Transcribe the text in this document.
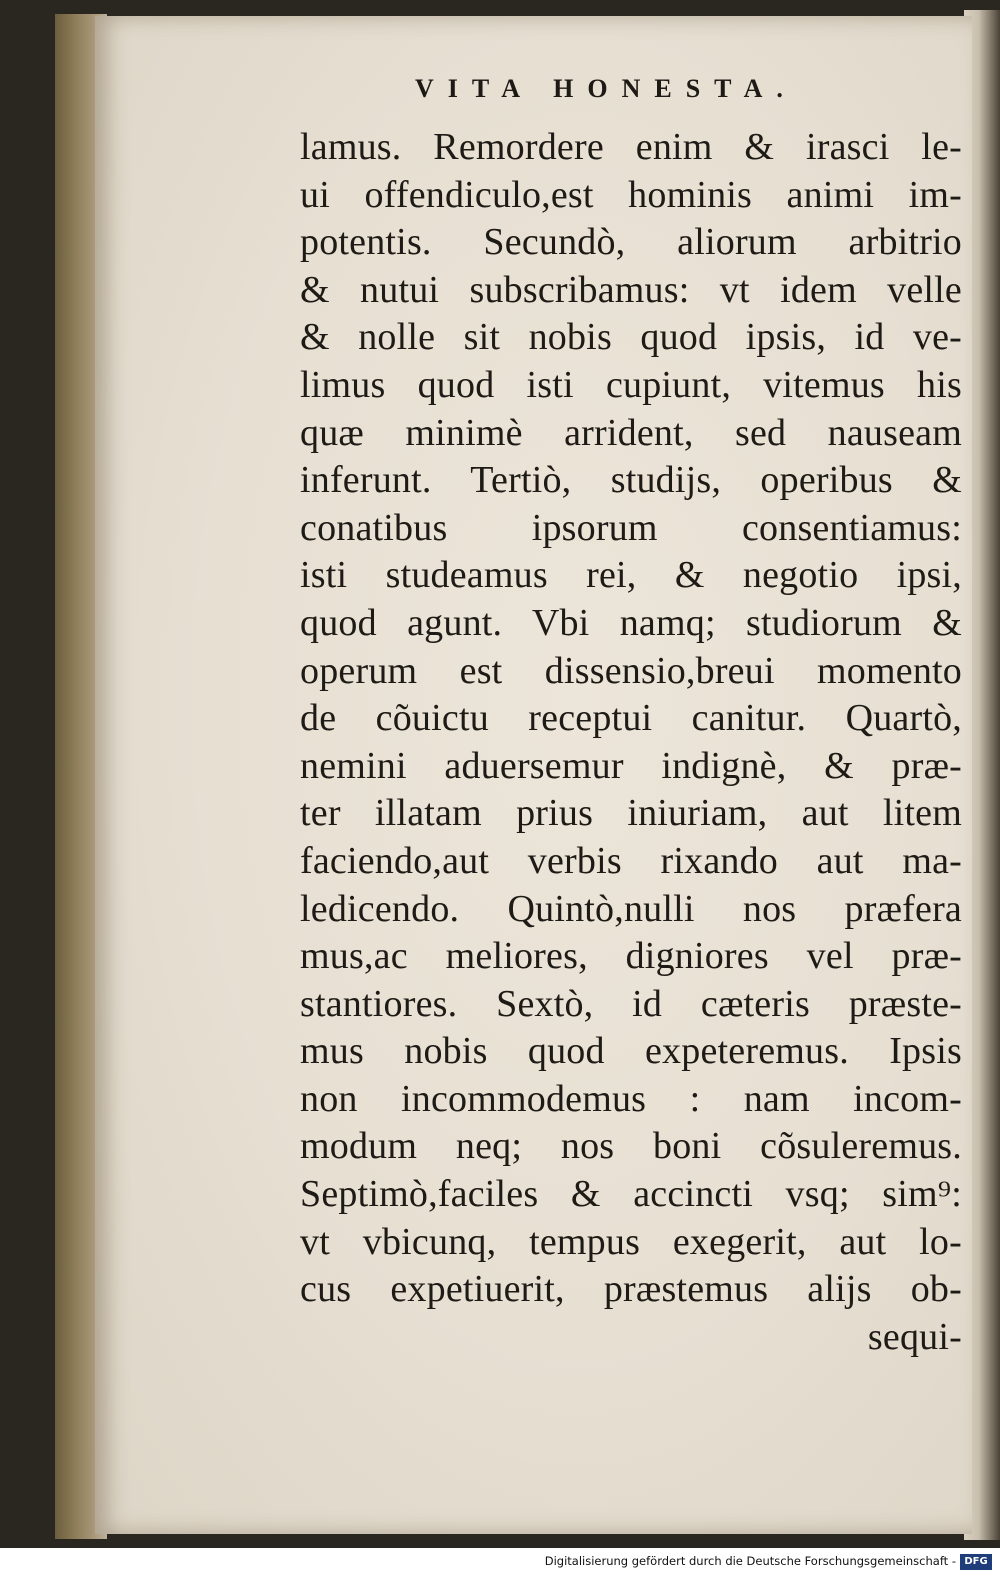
VITA HONESTA.
lamus. Remordere enim & irasci le-
ui offendiculo,est hominis animi im-
potentis. Secundò, aliorum arbitrio
& nutui subscribamus: vt idem velle
& nolle sit nobis quod ipsis, id ve-
limus quod isti cupiunt, vitemus his
quæ minimè arrident, sed nauseam
inferunt. Tertiò, studijs, operibus &
conatibus ipsorum consentiamus:
isti studeamus rei, & negotio ipsi,
quod agunt. Vbi namq; studiorum &
operum est dissensio,breui momento
de cõuictu receptui canitur. Quartò,
nemini aduersemur indignè, & præ-
ter illatam prius iniuriam, aut litem
faciendo,aut verbis rixando aut ma-
ledicendo. Quintò,nulli nos præfera
mus,ac meliores, digniores vel præ-
stantiores. Sextò, id cæteris præste-
mus nobis quod expeteremus. Ipsis
non incommodemus : nam incom-
modum neq; nos boni cõsuleremus.
Septimò,faciles & accincti vsq; sim⁹:
vt vbicunq, tempus exegerit, aut lo-
cus expetiuerit, præstemus alijs ob-
sequi-
Digitalisierung gefördert durch die Deutsche Forschungsgemeinschaft - DFG
